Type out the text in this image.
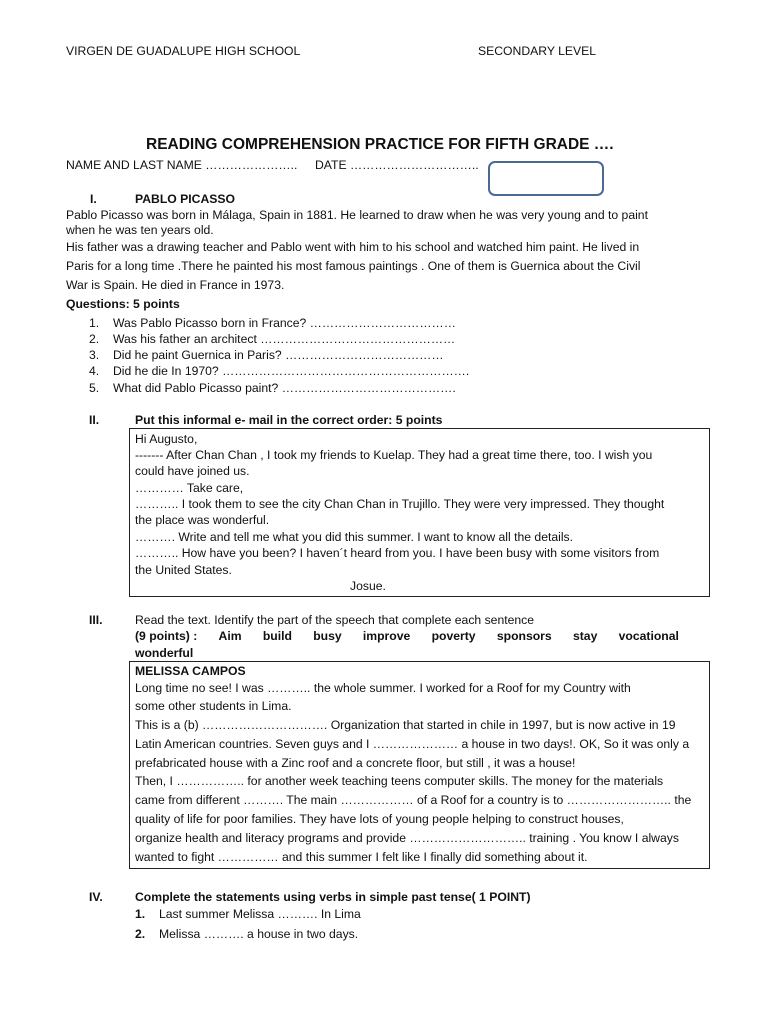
VIRGEN DE GUADALUPE HIGH SCHOOL	SECONDARY LEVEL
READING COMPREHENSION PRACTICE FOR FIFTH GRADE ….
NAME AND LAST NAME ………………….. DATE …………………………..
I.	PABLO PICASSO
Pablo Picasso was born in Málaga, Spain in 1881. He learned to draw when he was very young and to paint
when he was ten years old.
His father was a drawing teacher and Pablo went with him to his school and watched him paint. He lived in
Paris for a long time .There he painted his most famous paintings . One of them is Guernica about the Civil
War is Spain. He died in France in 1973.
Questions: 5 points
1. Was Pablo Picasso born in France? ………………………………
2. Was his father an architect …………………………………………
3. Did he paint Guernica in Paris? …………………………………
4. Did he die In 1970? …………………………………………………….
5. What did Pablo Picasso paint? …………………………………….
II.	Put this informal e- mail in the correct order: 5 points
Hi Augusto,
------- After Chan Chan , I took my friends to Kuelap. They had a great time there, too. I wish you
could have joined us.
………… Take care,
……….. I took them to see the city Chan Chan in Trujillo. They were very impressed. They thought
the place was wonderful.
………. Write and tell me what you did this summer. I want to know all the details.
……….. How have you been? I haven´t heard from you. I have been busy with some visitors from
the United States.
Josue.
III.	Read the text. Identify the part of the speech that complete each sentence
(9 points) : Aim build busy improve poverty sponsors stay vocational
wonderful
MELISSA CAMPOS
Long time no see! I was ……….. the whole summer. I worked for a Roof for my Country with
some other students in Lima.
This is a (b) …………………………. Organization that started in chile in 1997, but is now active in 19
Latin American countries. Seven guys and I ………………… a house in two days!. OK, So it was only a
prefabricated house with a Zinc roof and a concrete floor, but still , it was a house!
Then, I …………….. for another week teaching teens computer skills. The money for the materials
came from different ………. The main ……………… of a Roof for a country is to …………………….. the
quality of life for poor families. They have lots of young people helping to construct houses,
organize health and literacy programs and provide ……………………….. training . You know I always
wanted to fight …………… and this summer I felt like I finally did something about it.
IV.	Complete the statements using verbs in simple past tense( 1 POINT)
1. Last summer Melissa ………. In Lima
2. Melissa ………. a house in two days.
